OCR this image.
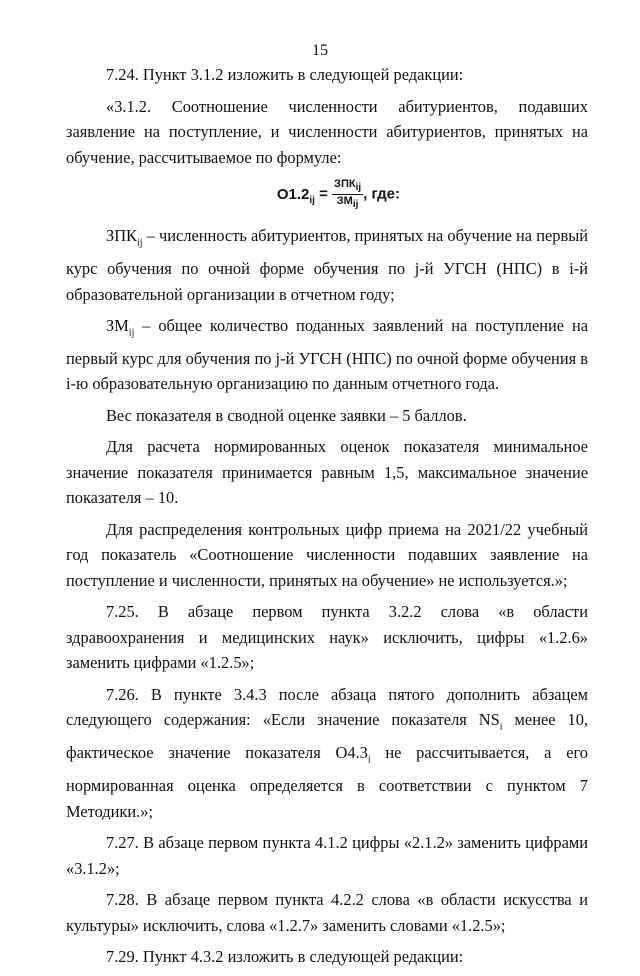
15

7.24. Пункт 3.1.2 изложить в следующей редакции:

«3.1.2. Соотношение численности абитуриентов, подавших заявление на поступление, и численности абитуриентов, принятых на обучение, рассчитываемое по формуле:

$O1.2_{ij} = \frac{ЗПК_{ij}}{ЗМ_{ij}}$ , где:

$ЗПК_{ij}$ – численность абитуриентов, принятых на обучение на первый курс обучения по очной форме обучения по j-й УГСН (НПС) в i-й образовательной организации в отчетном году;

$ЗМ_{ij}$ – общее количество поданных заявлений на поступление на первый курс для обучения по j-й УГСН (НПС) по очной форме обучения в i-ю образовательную организацию по данным отчетного года.

Вес показателя в сводной оценке заявки – 5 баллов.

Для расчета нормированных оценок показателя минимальное значение показателя принимается равным 1,5, максимальное значение показателя – 10.

Для распределения контрольных цифр приема на 2021/22 учебный год показатель «Соотношение численности подавших заявление на поступление и численности, принятых на обучение» не используется.»;

7.25. В абзаце первом пункта 3.2.2 слова «в области здравоохранения и медицинских наук» исключить, цифры «1.2.6» заменить цифрами «1.2.5»;

7.26. В пункте 3.4.3 после абзаца пятого дополнить абзацем следующего содержания: «Если значение показателя $NS_i$ менее 10, фактическое значение показателя $О4.3_i$ не рассчитывается, а его нормированная оценка определяется в соответствии с пунктом 7 Методики.»;

7.27. В абзаце первом пункта 4.1.2 цифры «2.1.2» заменить цифрами «3.1.2»;

7.28. В абзаце первом пункта 4.2.2 слова «в области искусства и культуры» исключить, слова «1.2.7» заменить словами «1.2.5»;

7.29. Пункт 4.3.2 изложить в следующей редакции:
